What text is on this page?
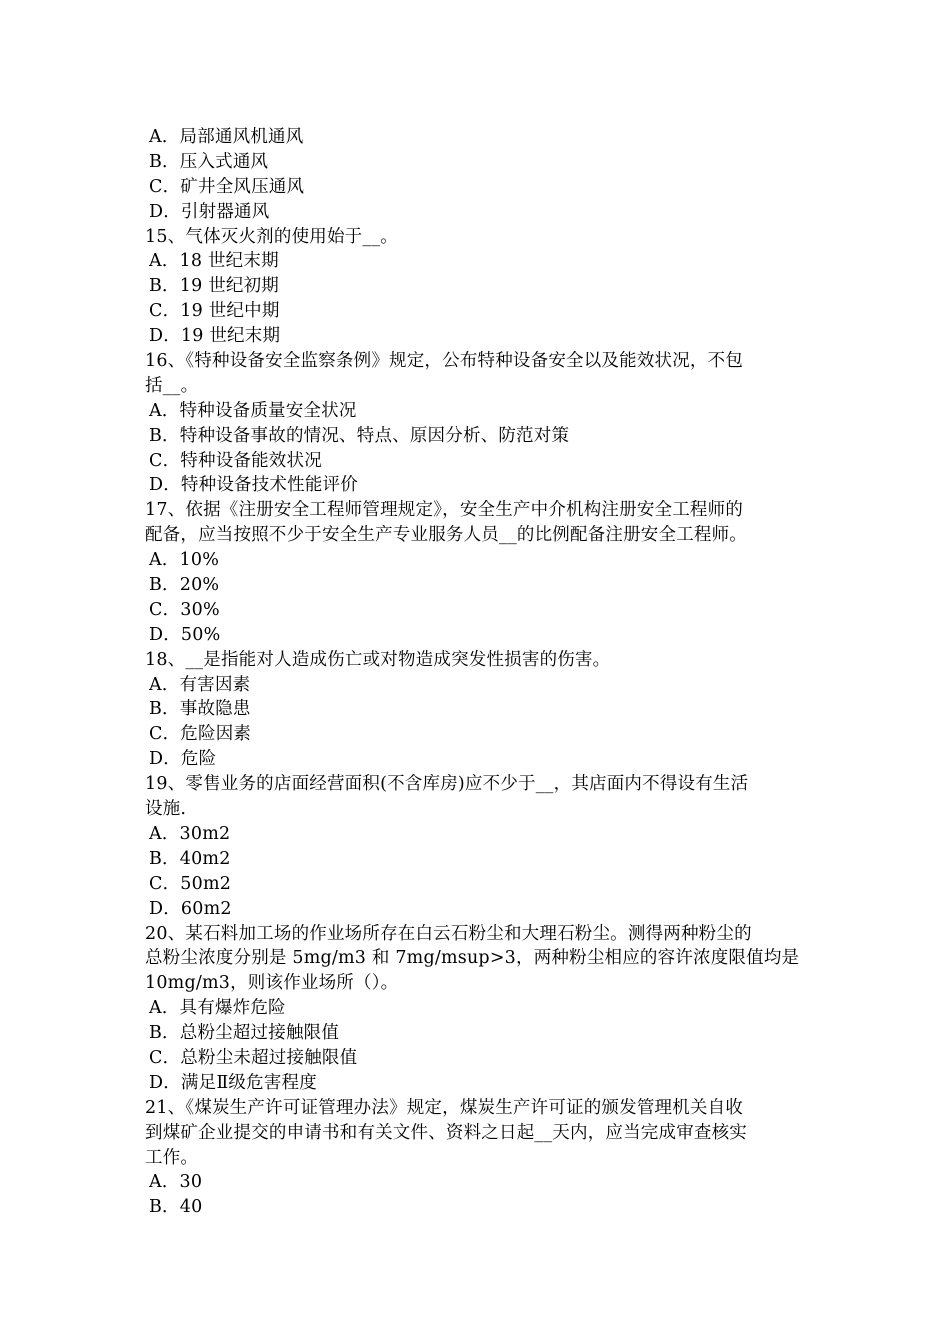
A．局部通风机通风
B．压入式通风
C．矿井全风压通风
D．引射器通风
15、气体灭火剂的使用始于__。
A．18 世纪末期
B．19 世纪初期
C．19 世纪中期
D．19 世纪末期
16、《特种设备安全监察条例》规定，公布特种设备安全以及能效状况，不包
括__。
A．特种设备质量安全状况
B．特种设备事故的情况、特点、原因分析、防范对策
C．特种设备能效状况
D．特种设备技术性能评价
17、依据《注册安全工程师管理规定》，安全生产中介机构注册安全工程师的
配备，应当按照不少于安全生产专业服务人员__的比例配备注册安全工程师。
A．10%
B．20%
C．30%
D．50%
18、__是指能对人造成伤亡或对物造成突发性损害的伤害。
A．有害因素
B．事故隐患
C．危险因素
D．危险
19、零售业务的店面经营面积(不含库房)应不少于__，其店面内不得设有生活
设施.
A．30m2
B．40m2
C．50m2
D．60m2
20、某石料加工场的作业场所存在白云石粉尘和大理石粉尘。测得两种粉尘的
总粉尘浓度分别是 5mg/m3 和 7mg/msup>3，两种粉尘相应的容许浓度限值均是
10mg/m3，则该作业场所（）。
A．具有爆炸危险
B．总粉尘超过接触限值
C．总粉尘未超过接触限值
D．满足Ⅱ级危害程度
21、《煤炭生产许可证管理办法》规定，煤炭生产许可证的颁发管理机关自收
到煤矿企业提交的申请书和有关文件、资料之日起__天内，应当完成审查核实
工作。
A．30
B．40
